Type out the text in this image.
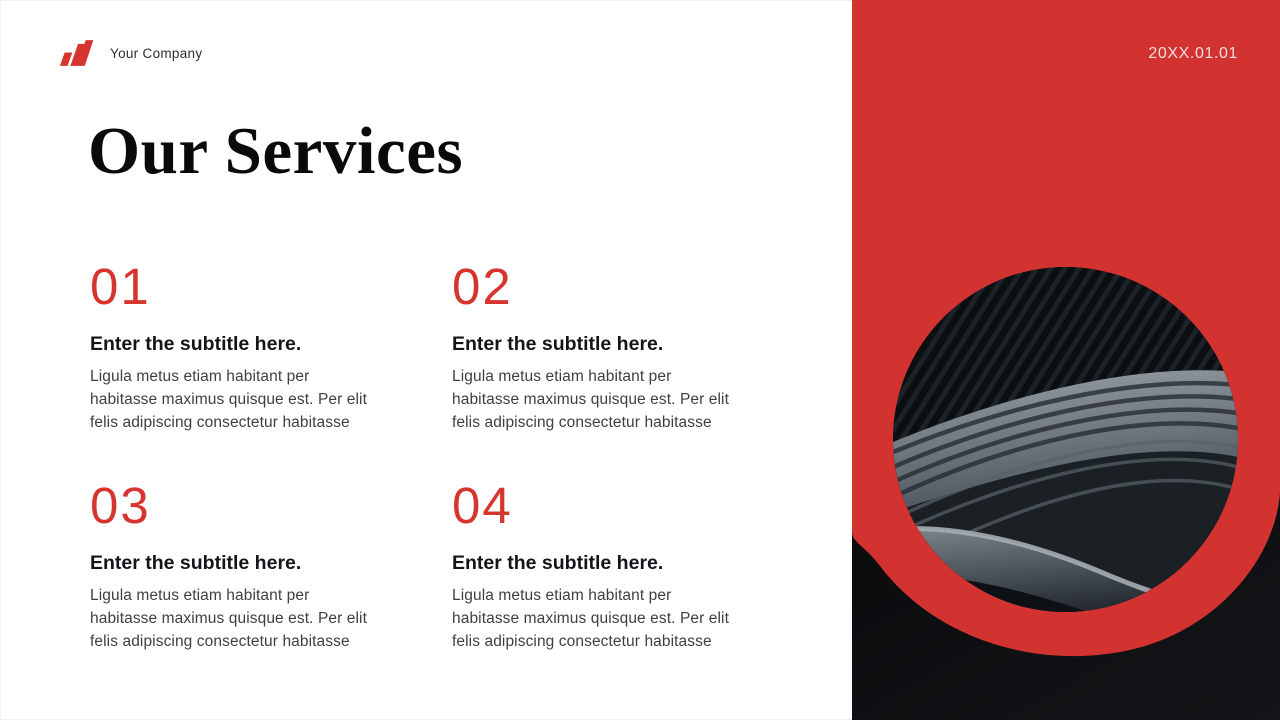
Your Company
Our Services
01
Enter the subtitle here.
Ligula metus etiam habitant per
habitasse maximus quisque est. Per elit
felis adipiscing consectetur habitasse
02
Enter the subtitle here.
Ligula metus etiam habitant per
habitasse maximus quisque est. Per elit
felis adipiscing consectetur habitasse
03
Enter the subtitle here.
Ligula metus etiam habitant per
habitasse maximus quisque est. Per elit
felis adipiscing consectetur habitasse
04
Enter the subtitle here.
Ligula metus etiam habitant per
habitasse maximus quisque est. Per elit
felis adipiscing consectetur habitasse
20XX.01.01
